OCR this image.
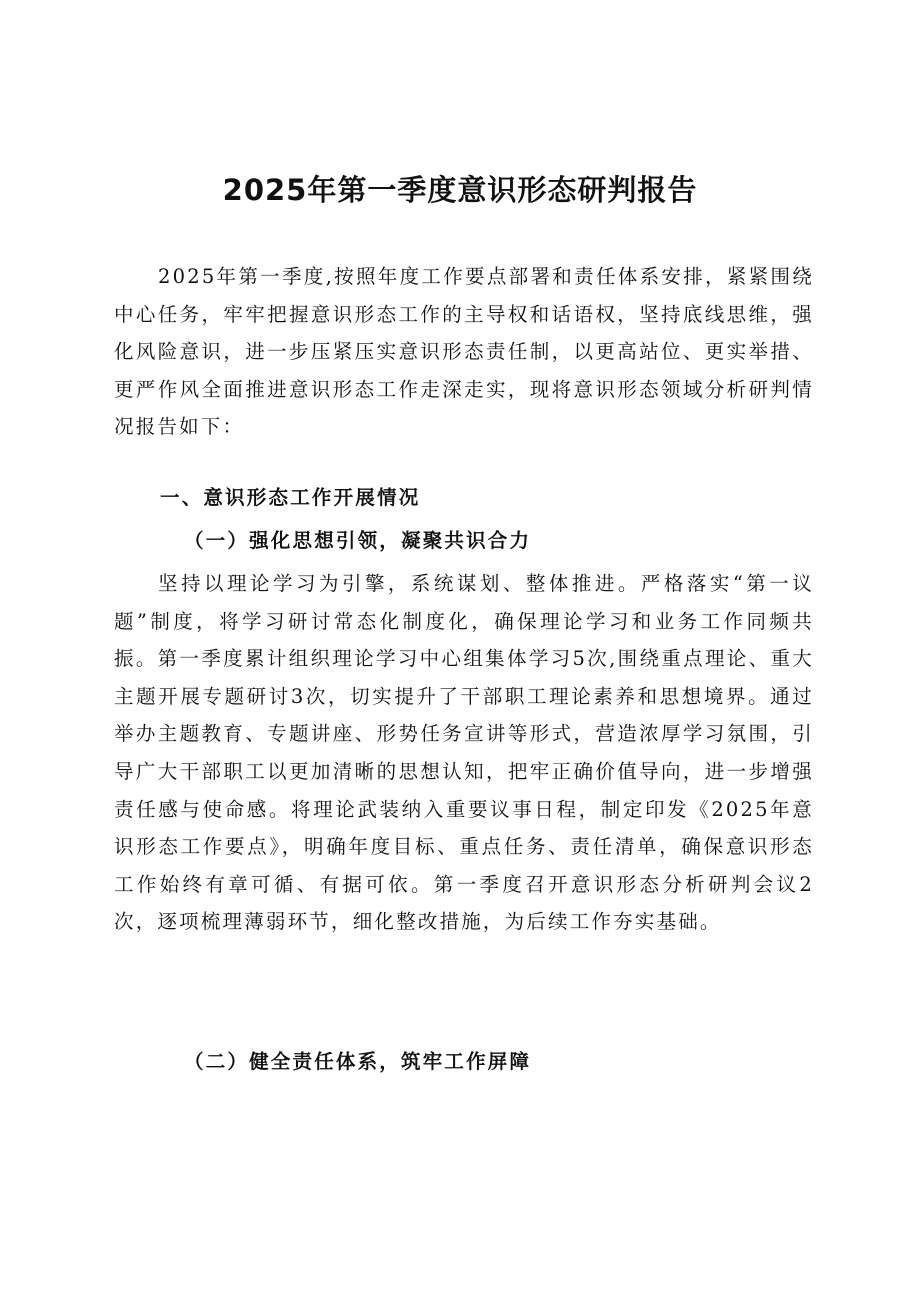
2025年第一季度意识形态研判报告

2025年第一季度,按照年度工作要点部署和责任体系安排，紧紧围绕中心任务，牢牢把握意识形态工作的主导权和话语权，坚持底线思维，强化风险意识，进一步压紧压实意识形态责任制，以更高站位、更实举措、更严作风全面推进意识形态工作走深走实，现将意识形态领域分析研判情况报告如下：

一、意识形态工作开展情况
（一）强化思想引领，凝聚共识合力

坚持以理论学习为引擎，系统谋划、整体推进。严格落实“第一议题”制度，将学习研讨常态化制度化，确保理论学习和业务工作同频共振。第一季度累计组织理论学习中心组集体学习5次,围绕重点理论、重大主题开展专题研讨3次，切实提升了干部职工理论素养和思想境界。通过举办主题教育、专题讲座、形势任务宣讲等形式，营造浓厚学习氛围，引导广大干部职工以更加清晰的思想认知，把牢正确价值导向，进一步增强责任感与使命感。将理论武装纳入重要议事日程，制定印发《2025年意识形态工作要点》，明确年度目标、重点任务、责任清单，确保意识形态工作始终有章可循、有据可依。第一季度召开意识形态分析研判会议2次，逐项梳理薄弱环节，细化整改措施，为后续工作夯实基础。

（二）健全责任体系，筑牢工作屏障
